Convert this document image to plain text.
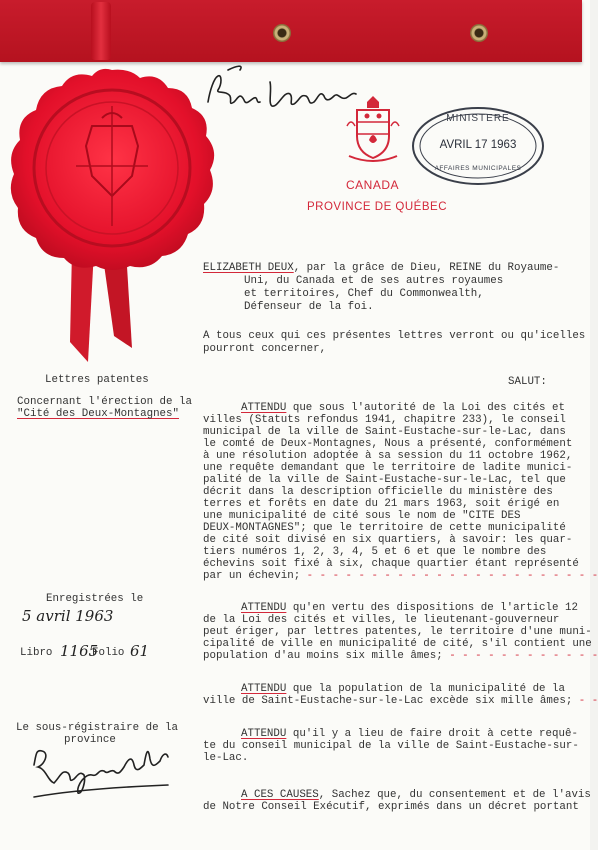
Paul Comtois
CANADA
PROVINCE DE QUÉBEC
MINISTERE
AVRIL 17 1963
AFFAIRES MUNICIPALES
Lettres patentes
Concernant l'érection de la
"Cité des Deux-Montagnes"
Enregistrées le
5 avril 1963
Libro 1165
Folio 61
Le sous-régistraire de la
province
Raymond Smith
ELIZABETH DEUX, par la grâce de Dieu, REINE du Royaume-
Uni, du Canada et de ses autres royaumes
et territoires, Chef du Commonwealth,
Défenseur de la foi.
A tous ceux qui ces présentes lettres verront ou qu'icelles
pourront concerner,
SALUT:
ATTENDU que sous l'autorité de la Loi des cités et
villes (Statuts refondus 1941, chapitre 233), le conseil
municipal de la ville de Saint-Eustache-sur-le-Lac, dans
le comté de Deux-Montagnes, Nous a présenté, conformément
à une résolution adoptée à sa session du 11 octobre 1962,
une requête demandant que le territoire de ladite munici-
palité de la ville de Saint-Eustache-sur-le-Lac, tel que
décrit dans la description officielle du ministère des
terres et forêts en date du 21 mars 1963, soit érigé en
une municipalité de cité sous le nom de "CITE DES
DEUX-MONTAGNES"; que le territoire de cette municipalité
de cité soit divisé en six quartiers, à savoir: les quar-
tiers numéros 1, 2, 3, 4, 5 et 6 et que le nombre des
échevins soit fixé à six, chaque quartier étant représenté
par un échevin; - - - - - - - - - - - - - - - - - - - - - - -
ATTENDU qu'en vertu des dispositions de l'article 12
de la Loi des cités et villes, le lieutenant-gouverneur
peut ériger, par lettres patentes, le territoire d'une muni-
cipalité de ville en municipalité de cité, s'il contient une
population d'au moins six mille âmes; - - - - - - - - - - - -
ATTENDU que la population de la municipalité de la
ville de Saint-Eustache-sur-le-Lac excède six mille âmes; - -
ATTENDU qu'il y a lieu de faire droit à cette requê-
te du conseil municipal de la ville de Saint-Eustache-sur-
le-Lac.
A CES CAUSES, Sachez que, du consentement et de l'avis
de Notre Conseil Exécutif, exprimés dans un décret portant
